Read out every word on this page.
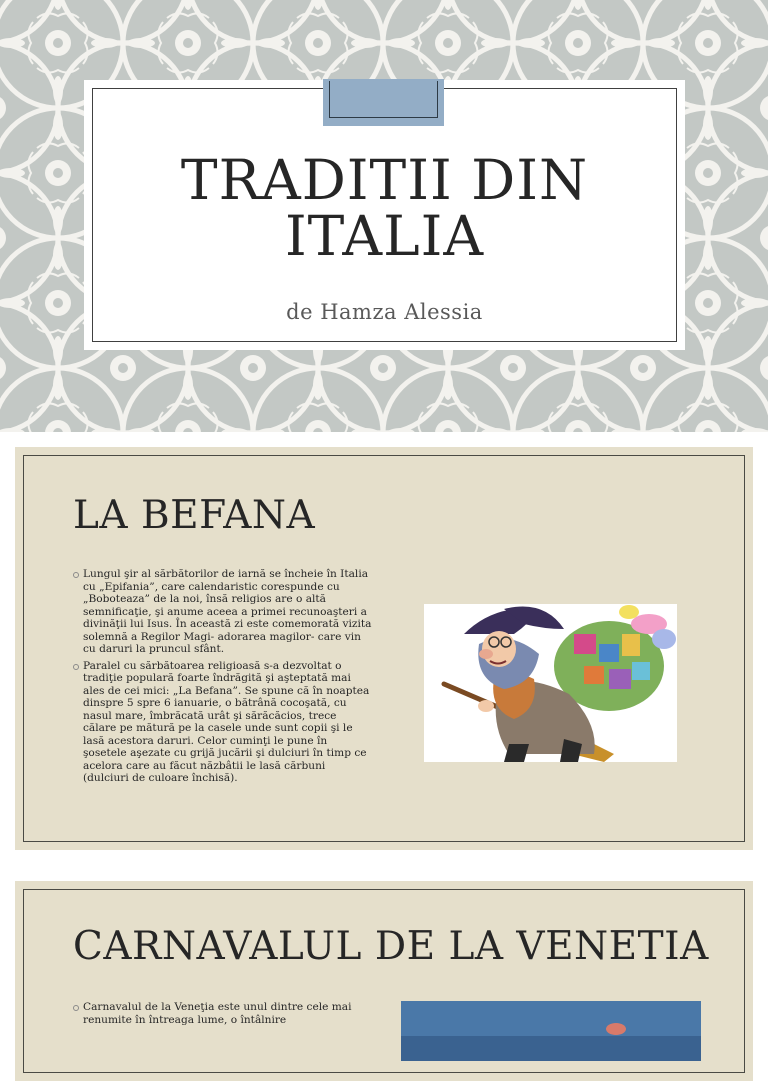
TRADITII DIN ITALIA
de Hamza Alessia
LA BEFANA
Lungul şir al sărbătorilor de iarnă se încheie în Italia cu „Epifania”, care calendaristic corespunde cu „Boboteaza” de la noi, însă religios are o altă semnificaţie, şi anume aceea a primei recunoaşteri a divinăţii lui Isus. În această zi este comemorată vizita solemnă a Regilor Magi- adorarea magilor- care vin cu daruri la pruncul sfânt.
Paralel cu sărbătoarea religioasă s-a dezvoltat o tradiţie populară foarte îndrăgită şi aşteptată mai ales de cei mici: „La Befana”. Se spune că în noaptea dinspre 5 spre 6 ianuarie, o bătrână cocoşată, cu nasul mare, îmbrăcată urât şi sărăcăcios, trece călare pe mătură pe la casele unde sunt copii şi le lasă acestora daruri. Celor cuminţi le pune în şosetele aşezate cu grijă jucării şi dulciuri în timp ce acelora care au făcut năzbâtii le lasă cărbuni (dulciuri de culoare închisă).
CARNAVALUL DE LA VENETIA
Carnavalul de la Veneţia este unul dintre cele mai renumite în întreaga lume, o întâlnire
